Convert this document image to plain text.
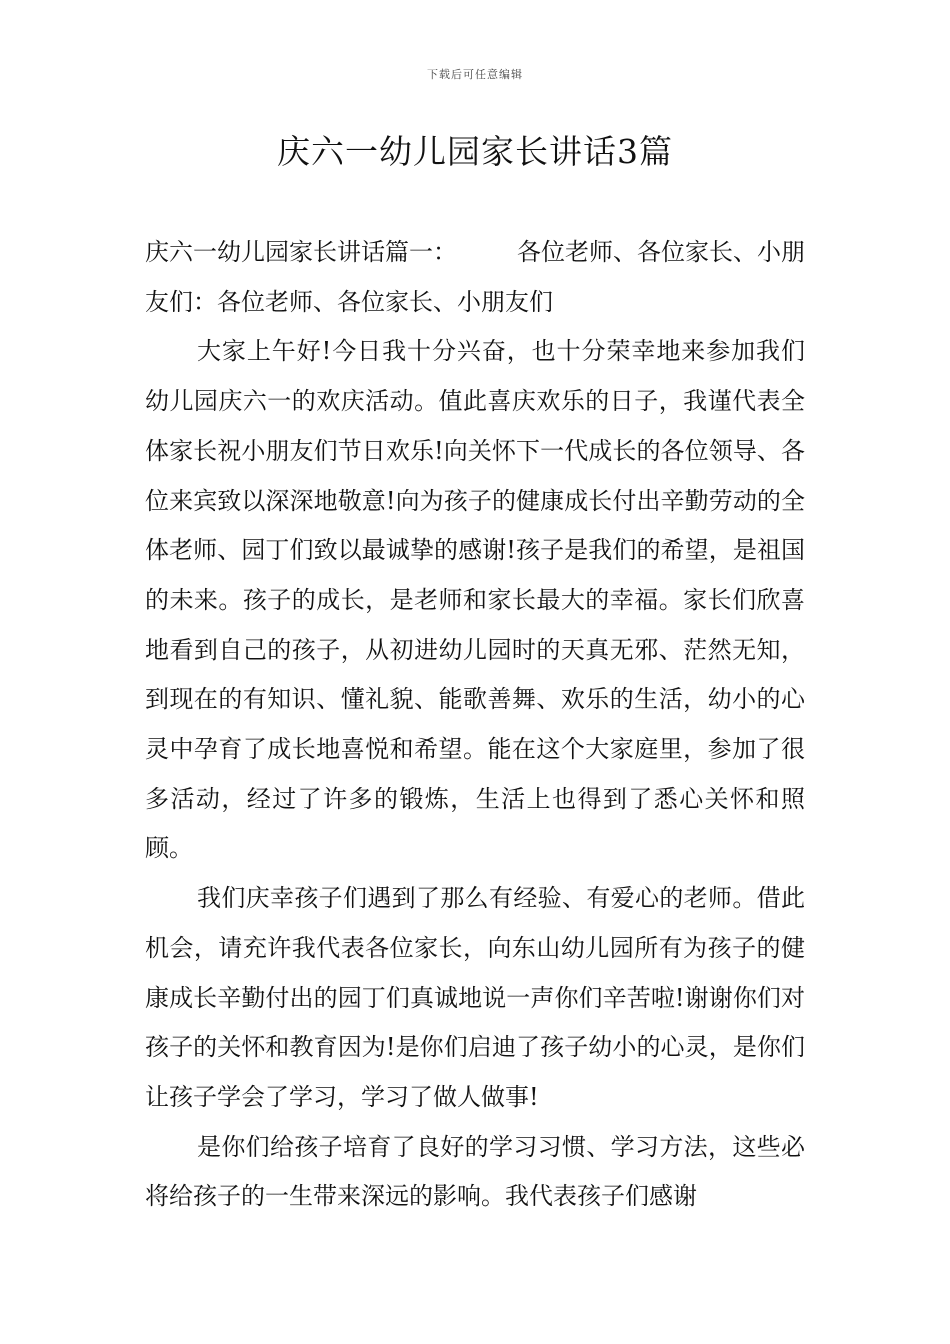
下载后可任意编辑
庆六一幼儿园家长讲话3篇

庆六一幼儿园家长讲话篇一：　　　各位老师、各位家长、小朋友们：各位老师、各位家长、小朋友们

大家上午好!今日我十分兴奋，也十分荣幸地来参加我们幼儿园庆六一的欢庆活动。值此喜庆欢乐的日子，我谨代表全体家长祝小朋友们节日欢乐!向关怀下一代成长的各位领导、各位来宾致以深深地敬意!向为孩子的健康成长付出辛勤劳动的全体老师、园丁们致以最诚挚的感谢!孩子是我们的希望，是祖国的未来。孩子的成长，是老师和家长最大的幸福。家长们欣喜地看到自己的孩子，从初进幼儿园时的天真无邪、茫然无知，到现在的有知识、懂礼貌、能歌善舞、欢乐的生活，幼小的心灵中孕育了成长地喜悦和希望。能在这个大家庭里，参加了很多活动，经过了许多的锻炼，生活上也得到了悉心关怀和照顾。

我们庆幸孩子们遇到了那么有经验、有爱心的老师。借此机会，请充许我代表各位家长，向东山幼儿园所有为孩子的健康成长辛勤付出的园丁们真诚地说一声你们辛苦啦!谢谢你们对孩子的关怀和教育因为!是你们启迪了孩子幼小的心灵，是你们让孩子学会了学习，学习了做人做事!

是你们给孩子培育了良好的学习习惯、学习方法，这些必将给孩子的一生带来深远的影响。我代表孩子们感谢
